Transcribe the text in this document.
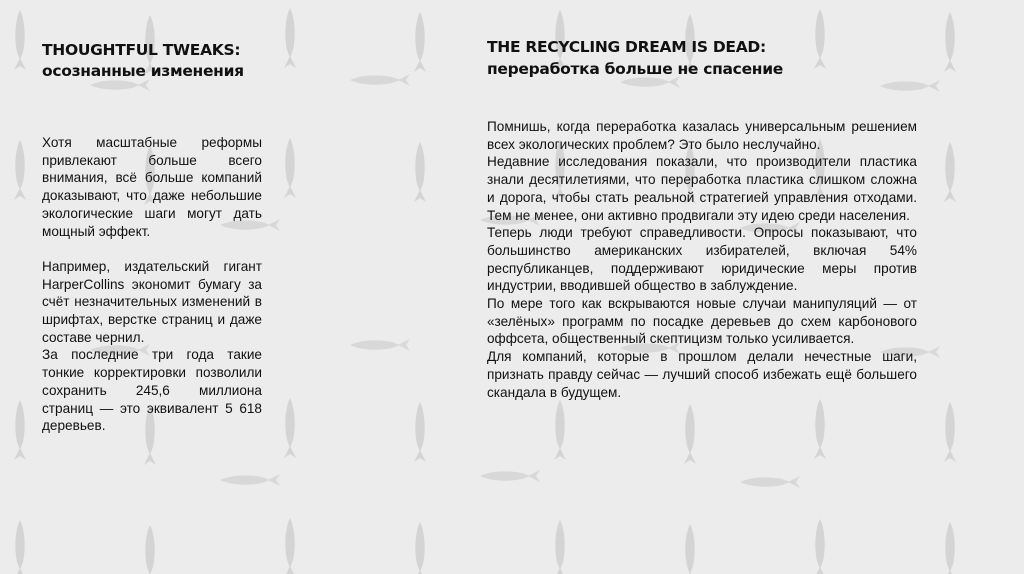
THOUGHTFUL TWEAKS:
осознанные изменения

Хотя масштабные реформы привлекают больше всего внимания, всё больше компаний доказывают, что даже небольшие экологические шаги могут дать мощный эффект.

Например, издательский гигант HarperCollins экономит бумагу за счёт незначительных изменений в шрифтах, верстке страниц и даже составе чернил.

За последние три года такие тонкие корректировки позволили сохранить 245,6 миллиона страниц — это эквивалент 5 618 деревьев.

THE RECYCLING DREAM IS DEAD:
переработка больше не спасение

Помнишь, когда переработка казалась универсальным решением всех экологических проблем? Это было неслучайно.

Недавние исследования показали, что производители пластика знали десятилетиями, что переработка пластика слишком сложна и дорога, чтобы стать реальной стратегией управления отходами. Тем не менее, они активно продвигали эту идею среди населения.

Теперь люди требуют справедливости. Опросы показывают, что большинство американских избирателей, включая 54% республиканцев, поддерживают юридические меры против индустрии, вводившей общество в заблуждение.

По мере того как вскрываются новые случаи манипуляций — от «зелёных» программ по посадке деревьев до схем карбонового оффсета, общественный скептицизм только усиливается.

Для компаний, которые в прошлом делали нечестные шаги, признать правду сейчас — лучший способ избежать ещё большего скандала в будущем.
